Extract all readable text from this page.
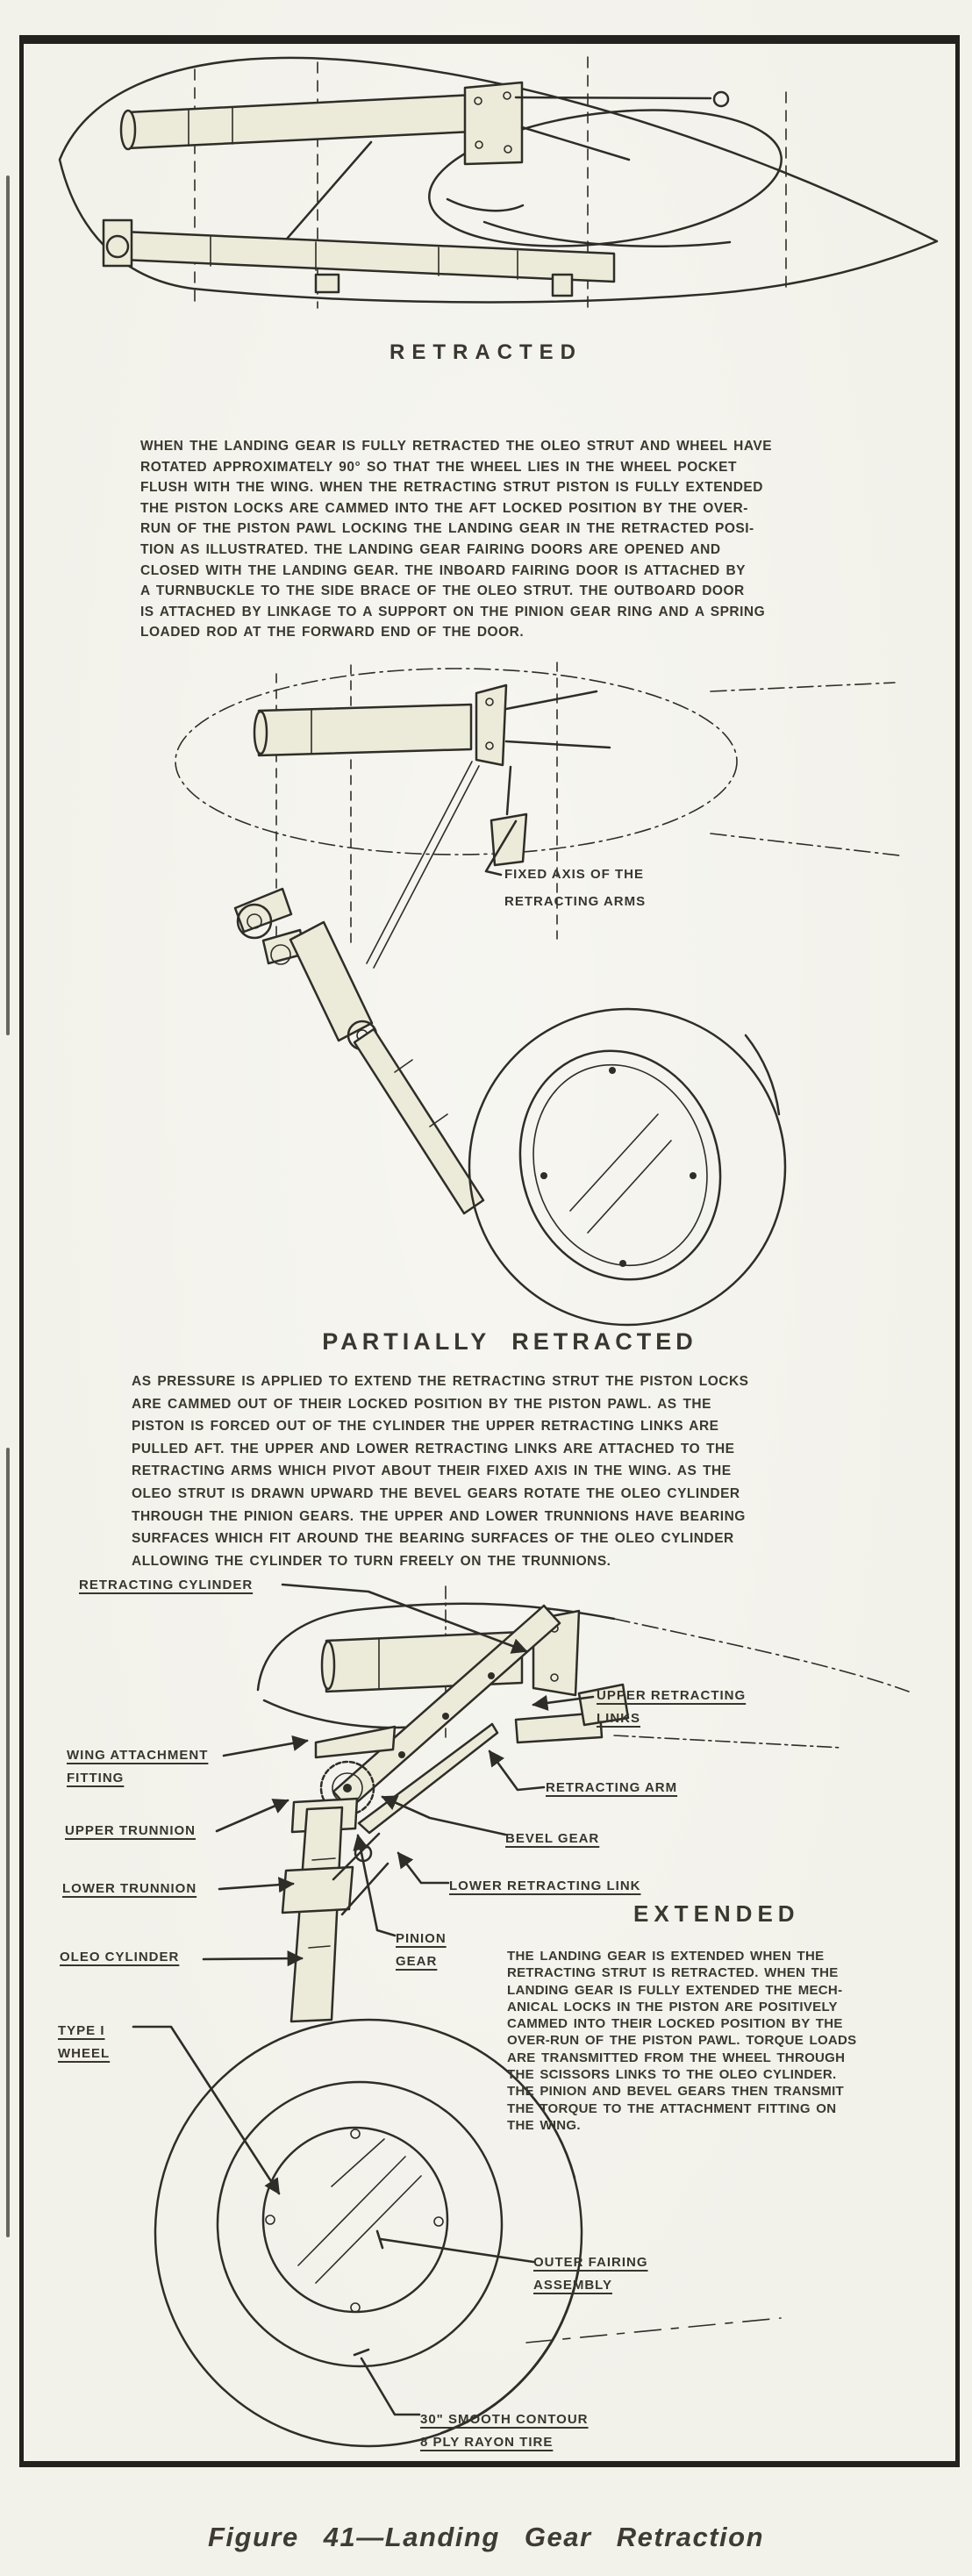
RETRACTED
WHEN THE LANDING GEAR IS FULLY RETRACTED THE OLEO STRUT AND WHEEL HAVE
ROTATED APPROXIMATELY 90° SO THAT THE WHEEL LIES IN THE WHEEL POCKET
FLUSH WITH THE WING. WHEN THE RETRACTING STRUT PISTON IS FULLY EXTENDED
THE PISTON LOCKS ARE CAMMED INTO THE AFT LOCKED POSITION BY THE OVER-
RUN OF THE PISTON PAWL LOCKING THE LANDING GEAR IN THE RETRACTED POSI-
TION AS ILLUSTRATED. THE LANDING GEAR FAIRING DOORS ARE OPENED AND
CLOSED WITH THE LANDING GEAR. THE INBOARD FAIRING DOOR IS ATTACHED BY
A TURNBUCKLE TO THE SIDE BRACE OF THE OLEO STRUT. THE OUTBOARD DOOR
IS ATTACHED BY LINKAGE TO A SUPPORT ON THE PINION GEAR RING AND A SPRING
LOADED ROD AT THE FORWARD END OF THE DOOR.
FIXED AXIS OF THE
RETRACTING ARMS
PARTIALLY RETRACTED
AS PRESSURE IS APPLIED TO EXTEND THE RETRACTING STRUT THE PISTON LOCKS
ARE CAMMED OUT OF THEIR LOCKED POSITION BY THE PISTON PAWL. AS THE
PISTON IS FORCED OUT OF THE CYLINDER THE UPPER RETRACTING LINKS ARE
PULLED AFT. THE UPPER AND LOWER RETRACTING LINKS ARE ATTACHED TO THE
RETRACTING ARMS WHICH PIVOT ABOUT THEIR FIXED AXIS IN THE WING. AS THE
OLEO STRUT IS DRAWN UPWARD THE BEVEL GEARS ROTATE THE OLEO CYLINDER
THROUGH THE PINION GEARS. THE UPPER AND LOWER TRUNNIONS HAVE BEARING
SURFACES WHICH FIT AROUND THE BEARING SURFACES OF THE OLEO CYLINDER
ALLOWING THE CYLINDER TO TURN FREELY ON THE TRUNNIONS.
RETRACTING CYLINDER
UPPER RETRACTING
LINKS
WING ATTACHMENT
FITTING
RETRACTING ARM
UPPER TRUNNION
BEVEL GEAR
LOWER TRUNNION	LOWER RETRACTING LINK
PINION
GEAR
OLEO CYLINDER
TYPE I
WHEEL
OUTER FAIRING
ASSEMBLY
30" SMOOTH CONTOUR
8 PLY RAYON TIRE
EXTENDED
THE LANDING GEAR IS EXTENDED WHEN THE
RETRACTING STRUT IS RETRACTED. WHEN THE
LANDING GEAR IS FULLY EXTENDED THE MECH-
ANICAL LOCKS IN THE PISTON ARE POSITIVELY
CAMMED INTO THEIR LOCKED POSITION BY THE
OVER-RUN OF THE PISTON PAWL. TORQUE LOADS
ARE TRANSMITTED FROM THE WHEEL THROUGH
THE SCISSORS LINKS TO THE OLEO CYLINDER.
THE PINION AND BEVEL GEARS THEN TRANSMIT
THE TORQUE TO THE ATTACHMENT FITTING ON
THE WING.
Figure 41—Landing Gear Retraction
